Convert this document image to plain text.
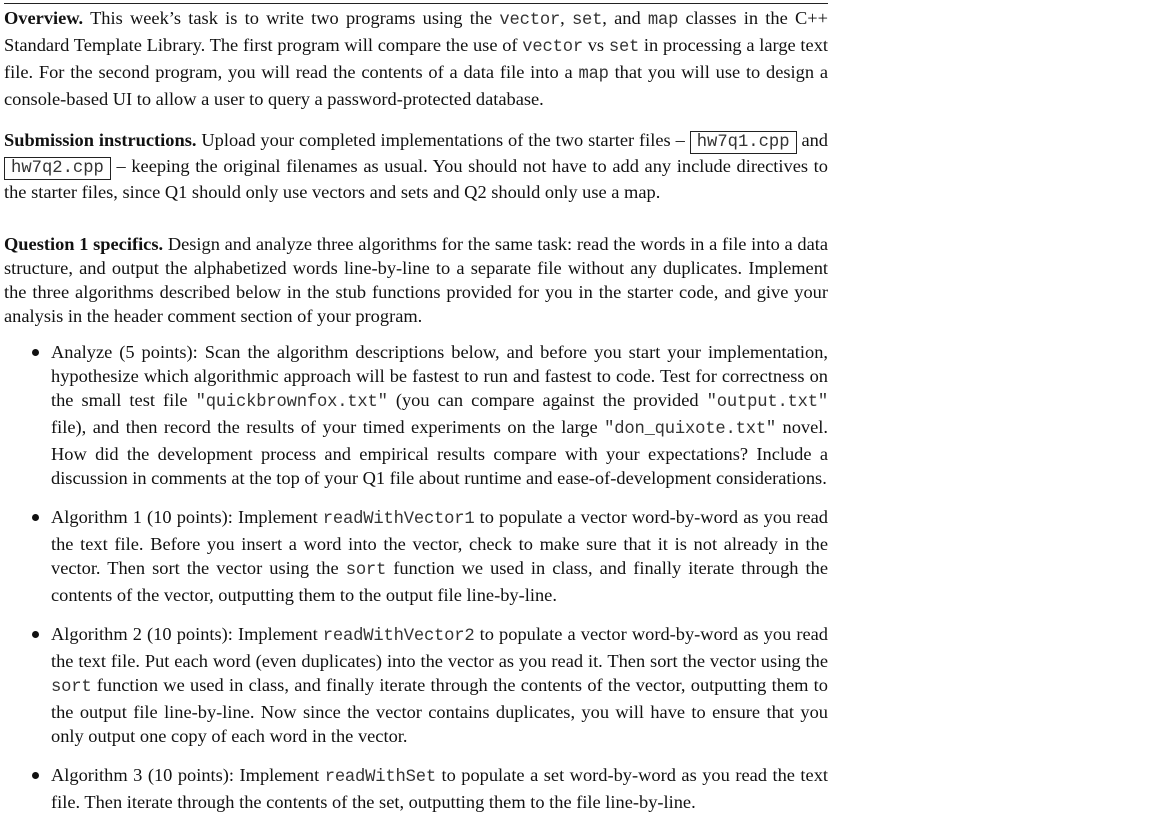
Overview. This week’s task is to write two programs using the vector, set, and map classes in the C++ Standard Template Library. The first program will compare the use of vector vs set in processing a large text file. For the second program, you will read the contents of a data file into a map that you will use to design a console-based UI to allow a user to query a password-protected database.

Submission instructions. Upload your completed implementations of the two starter files – hw7q1.cpp and hw7q2.cpp – keeping the original filenames as usual. You should not have to add any include directives to the starter files, since Q1 should only use vectors and sets and Q2 should only use a map.

Question 1 specifics. Design and analyze three algorithms for the same task: read the words in a file into a data structure, and output the alphabetized words line-by-line to a separate file without any duplicates. Implement the three algorithms described below in the stub functions provided for you in the starter code, and give your analysis in the header comment section of your program.

Analyze (5 points): Scan the algorithm descriptions below, and before you start your implementation, hypothesize which algorithmic approach will be fastest to run and fastest to code. Test for correctness on the small test file "quickbrownfox.txt" (you can compare against the provided "output.txt" file), and then record the results of your timed experiments on the large "don_quixote.txt" novel. How did the development process and empirical results compare with your expectations? Include a discussion in comments at the top of your Q1 file about runtime and ease-of-development considerations.
Algorithm 1 (10 points): Implement readWithVector1 to populate a vector word-by-word as you read the text file. Before you insert a word into the vector, check to make sure that it is not already in the vector. Then sort the vector using the sort function we used in class, and finally iterate through the contents of the vector, outputting them to the output file line-by-line.
Algorithm 2 (10 points): Implement readWithVector2 to populate a vector word-by-word as you read the text file. Put each word (even duplicates) into the vector as you read it. Then sort the vector using the sort function we used in class, and finally iterate through the contents of the vector, outputting them to the output file line-by-line. Now since the vector contains duplicates, you will have to ensure that you only output one copy of each word in the vector.
Algorithm 3 (10 points): Implement readWithSet to populate a set word-by-word as you read the text file. Then iterate through the contents of the set, outputting them to the file line-by-line.
